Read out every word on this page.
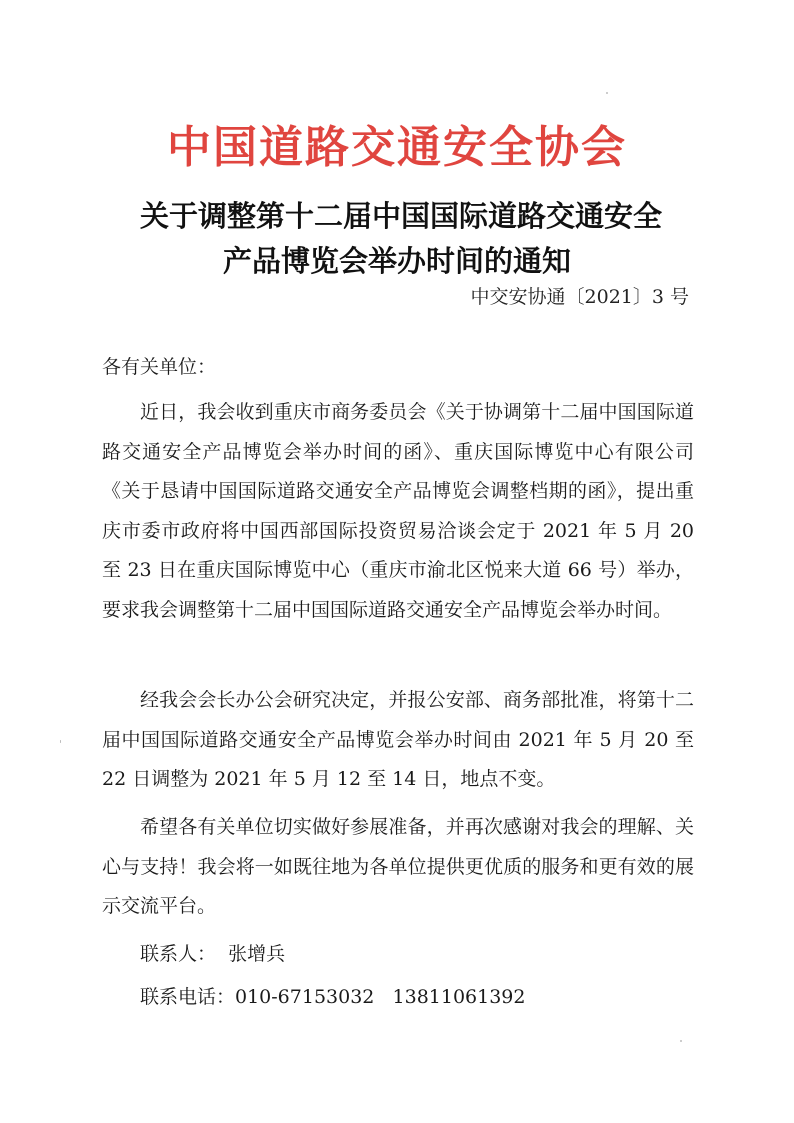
中国道路交通安全协会
关于调整第十二届中国国际道路交通安全
产品博览会举办时间的通知
中交安协通〔2021〕3 号
各有关单位：

近日，我会收到重庆市商务委员会《关于协调第十二届中国国际道路交通安全产品博览会举办时间的函》、重庆国际博览中心有限公司《关于恳请中国国际道路交通安全产品博览会调整档期的函》，提出重庆市委市政府将中国西部国际投资贸易洽谈会定于 2021 年 5 月 20 至 23 日在重庆国际博览中心（重庆市渝北区悦来大道 66 号）举办，要求我会调整第十二届中国国际道路交通安全产品博览会举办时间。

经我会会长办公会研究决定，并报公安部、商务部批准，将第十二届中国国际道路交通安全产品博览会举办时间由 2021 年 5 月 20 至 22 日调整为 2021 年 5 月 12 至 14 日，地点不变。

希望各有关单位切实做好参展准备，并再次感谢对我会的理解、关心与支持！我会将一如既往地为各单位提供更优质的服务和更有效的展示交流平台。

联系人：  张增兵
联系电话：010-67153032   13811061392
